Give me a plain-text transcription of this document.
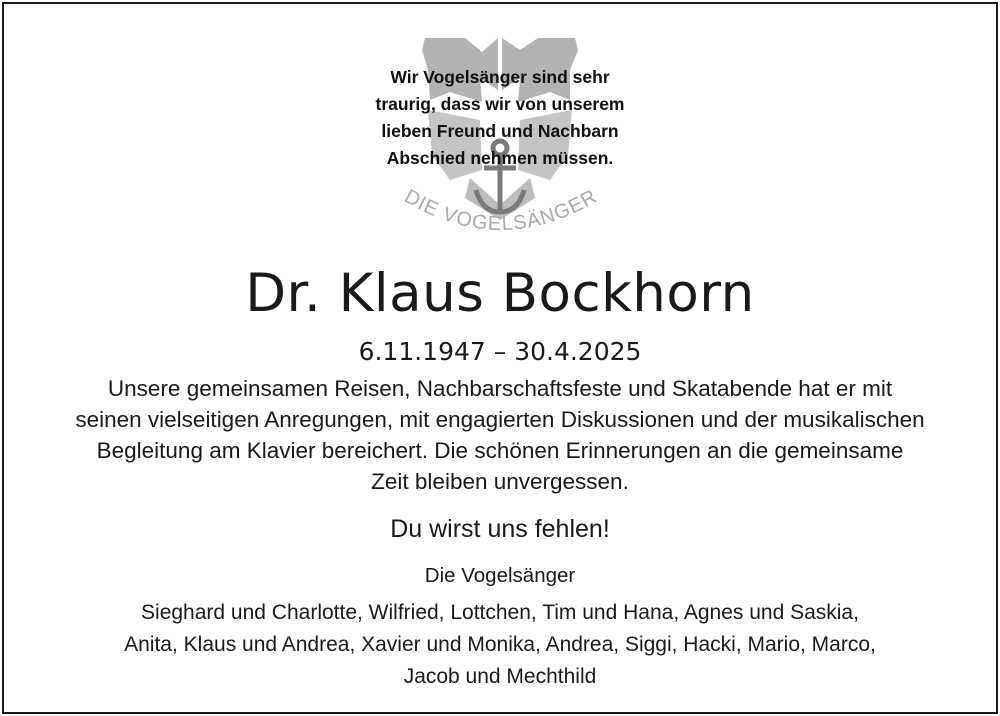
DIE VOGELSÄNGER
Wir Vogelsänger sind sehr
traurig, dass wir von unserem
lieben Freund und Nachbarn
Abschied nehmen müssen.
Dr. Klaus Bockhorn
6.11.1947 – 30.4.2025
Unsere gemeinsamen Reisen, Nachbarschaftsfeste und Skatabende hat er mit
seinen vielseitigen Anregungen, mit engagierten Diskussionen und der musikalischen
Begleitung am Klavier bereichert. Die schönen Erinnerungen an die gemeinsame
Zeit bleiben unvergessen.
Du wirst uns fehlen!
Die Vogelsänger
Sieghard und Charlotte, Wilfried, Lottchen, Tim und Hana, Agnes und Saskia,
Anita, Klaus und Andrea, Xavier und Monika, Andrea, Siggi, Hacki, Mario, Marco,
Jacob und Mechthild
